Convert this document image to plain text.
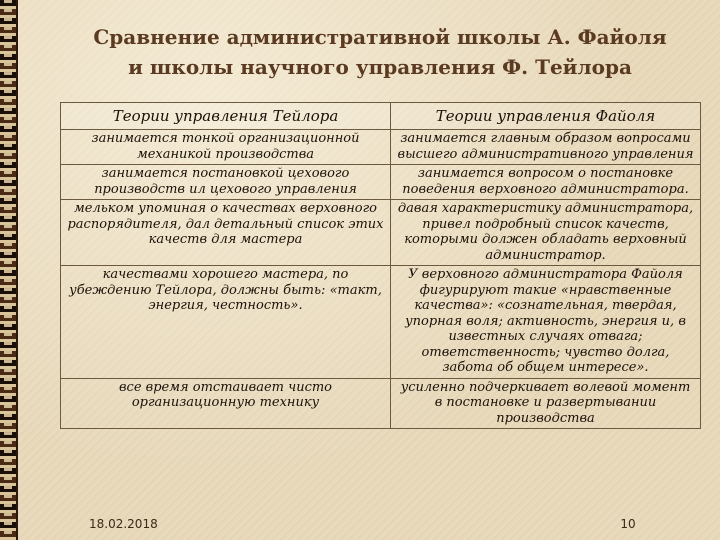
Сравнение административной школы А. Файоля
и школы научного управления Ф. Тейлора
Теории управления Тейлора	Теории управления Файоля
занимается тонкой организационной механикой производства	занимается главным образом вопросами высшего административного управления
занимается постановкой цехового производств ил цехового управления	занимается вопросом о постановке поведения верховного администратора.
мельком упоминая о качествах верховного распорядителя, дал детальный список этих качеств для мастера	давая характеристику администратора, привел подробный список качеств, которыми должен обладать верховный администратор.
качествами хорошего мастера, по убеждению Тейлора, должны быть: «такт, энергия, честность».	У верховного администратора Файоля фигурируют такие «нравственные качества»: «сознательная, твердая, упорная воля; активность, энергия и, в известных случаях отвага; ответственность; чувство долга, забота об общем интересе».
все время отстаивает чисто организационную технику	усиленно подчеркивает волевой момент в постановке и развертывании производства
18.02.2018	10
